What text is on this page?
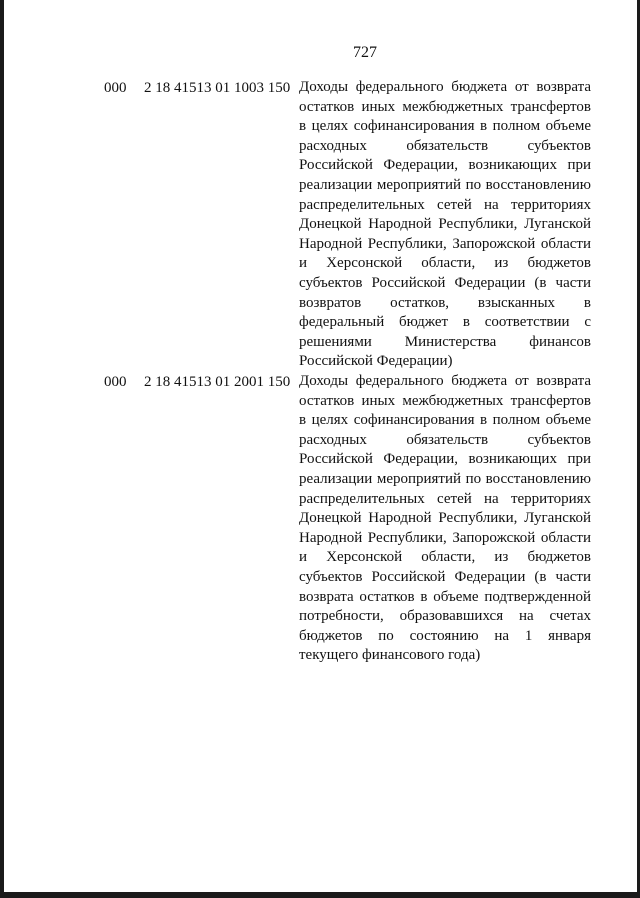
727
000 2 18 41513 01 1003 150 Доходы федерального бюджета от возврата остатков иных межбюджетных трансфертов в целях софинансирования в полном объеме расходных обязательств субъектов Российской Федерации, возникающих при реализации мероприятий по восстановлению распределительных сетей на территориях Донецкой Народной Республики, Луганской Народной Республики, Запорожской области и Херсонской области, из бюджетов субъектов Российской Федерации (в части возвратов остатков, взысканных в федеральный бюджет в соответствии с решениями Министерства финансов Российской Федерации)
000 2 18 41513 01 2001 150 Доходы федерального бюджета от возврата остатков иных межбюджетных трансфертов в целях софинансирования в полном объеме расходных обязательств субъектов Российской Федерации, возникающих при реализации мероприятий по восстановлению распределительных сетей на территориях Донецкой Народной Республики, Луганской Народной Республики, Запорожской области и Херсонской области, из бюджетов субъектов Российской Федерации (в части возврата остатков в объеме подтвержденной потребности, образовавшихся на счетах бюджетов по состоянию на 1 января текущего финансового года)
